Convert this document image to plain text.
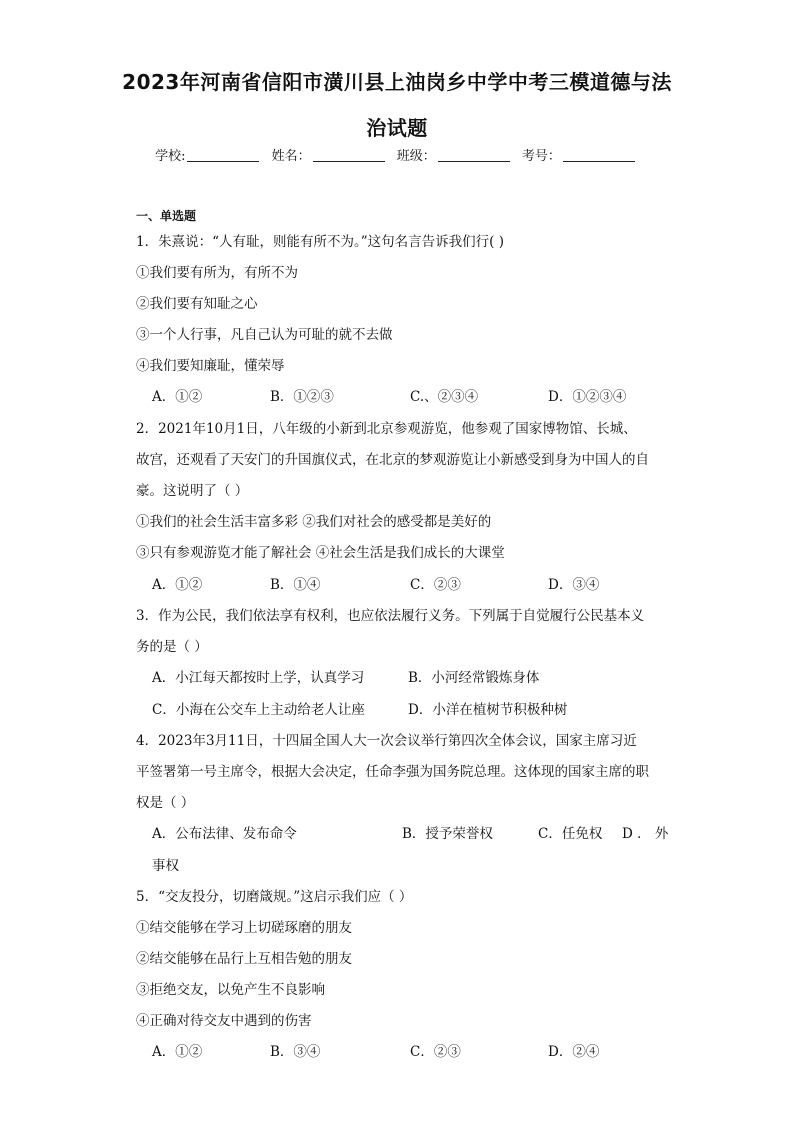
2023年河南省信阳市潢川县上油岗乡中学中考三模道德与法
治试题
学校:	姓名：	班级：	考号：
一、单选题
1．朱熹说：“人有耻，则能有所不为。”这句名言告诉我们行( )
①我们要有所为，有所不为
②我们要有知耻之心
③一个人行事，凡自己认为可耻的就不去做
④我们要知廉耻，懂荣辱
A．①②	B．①②③	C.、②③④	D．①②③④
2．2021年10月1日，八年级的小新到北京参观游览，他参观了国家博物馆、长城、
故宫，还观看了天安门的升国旗仪式，在北京的梦观游览让小新感受到身为中国人的自
豪。这说明了（ ）
①我们的社会生活丰富多彩 ②我们对社会的感受都是美好的
③只有参观游览才能了解社会 ④社会生活是我们成长的大课堂
A．①②	B．①④	C．②③	D．③④
3．作为公民，我们依法享有权利，也应依法履行义务。下列属于自觉履行公民基本义
务的是（ ）
A．小江每天都按时上学，认真学习	B．小河经常锻炼身体
C．小海在公交车上主动给老人让座	D．小洋在植树节积极种树
4．2023年3月11日，十四届全国人大一次会议举行第四次全体会议，国家主席习近
平签署第一号主席令，根据大会决定，任命李强为国务院总理。这体现的国家主席的职
权是（ ）
A．公布法律、发布命令	B．授予荣誉权	C．任免权 D ． 外
事权
5．“交友投分，切磨箴规。”这启示我们应（ ）
①结交能够在学习上切磋琢磨的朋友
②结交能够在品行上互相告勉的朋友
③拒绝交友，以免产生不良影响
④正确对待交友中遇到的伤害
A．①②	B．③④	C．②③	D．②④
